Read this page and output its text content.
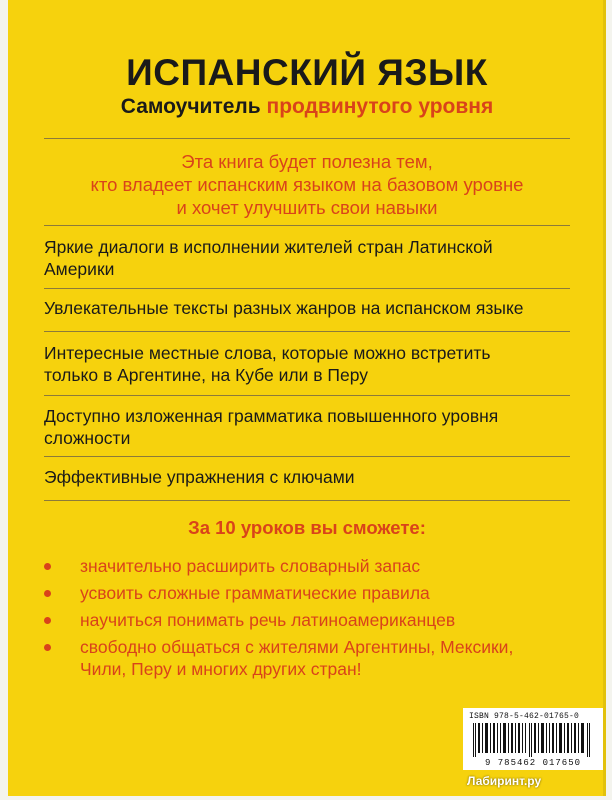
ИСПАНСКИЙ ЯЗЫК
Самоучитель продвинутого уровня
Эта книга будет полезна тем,
кто владеет испанским языком на базовом уровне
и хочет улучшить свои навыки
Яркие диалоги в исполнении жителей стран Латинской
Америки
Увлекательные тексты разных жанров на испанском языке
Интересные местные слова, которые можно встретить
только в Аргентине, на Кубе или в Перу
Доступно изложенная грамматика повышенного уровня
сложности
Эффективные упражнения с ключами
За 10 уроков вы сможете:
значительно расширить словарный запас
усвоить сложные грамматические правила
научиться понимать речь латиноамериканцев
свободно общаться с жителями Аргентины, Мексики,
Чили, Перу и многих других стран!
ISBN 978-5-462-01765-0
9 785462 017650
Лабиринт.ру
